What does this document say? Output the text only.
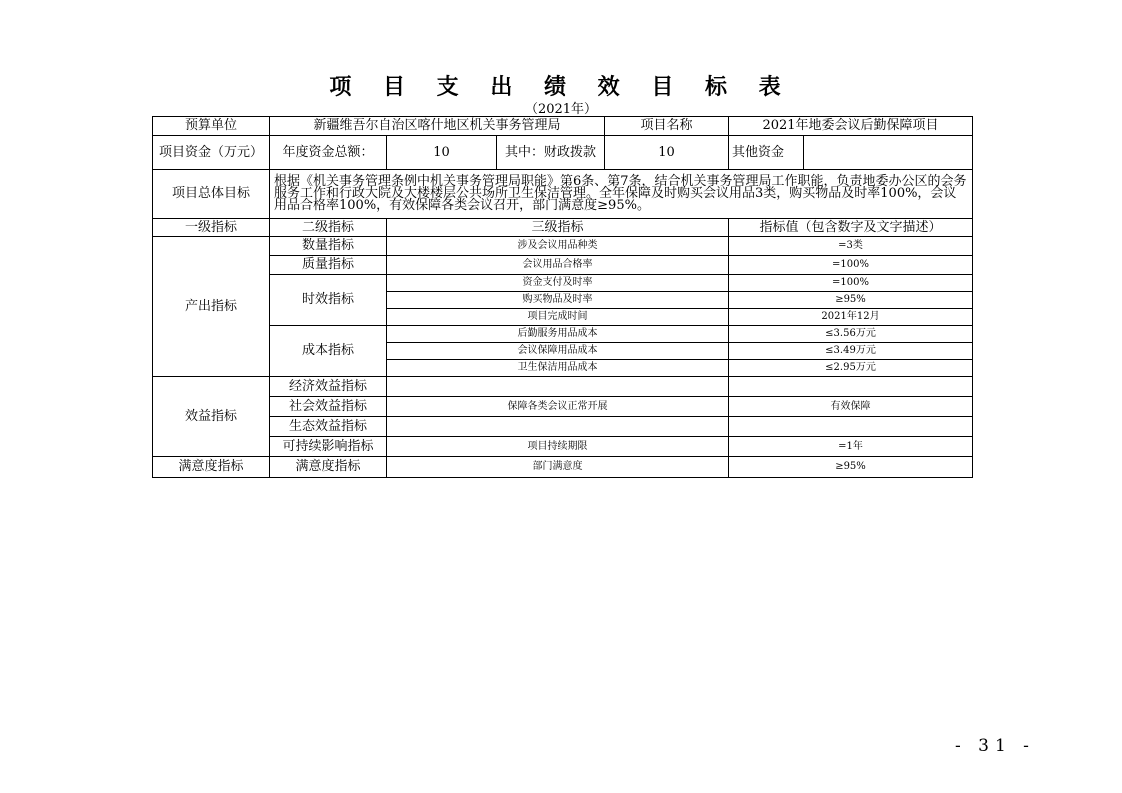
项 目 支 出 绩 效 目 标 表
（2021年）
预算单位	新疆维吾尔自治区喀什地区机关事务管理局			项目名称	2021年地委会议后勤保障项目	
项目资金（万元）	年度资金总额：	10	其中：财政拨款	10	其他资金	
项目总体目标	根据《机关事务管理条例中机关事务管理局职能》第6条、第7条，结合机关事务管理局工作职能，负责地委办公区的会务服务工作和行政大院及大楼楼层公共场所卫生保洁管理。全年保障及时购买会议用品3类，购买物品及时率100%，会议用品合格率100%，有效保障各类会议召开，部门满意度≥95%。					
一级指标	二级指标	三级指标			指标值（包含数字及文字描述）	
产出指标	数量指标	涉及会议用品种类			=3类	
	质量指标	会议用品合格率			=100%	
	时效指标	资金支付及时率			=100%	
		购买物品及时率			≥95%	
		项目完成时间			2021年12月	
	成本指标	后勤服务用品成本			≤3.56万元	
		会议保障用品成本			≤3.49万元	
		卫生保洁用品成本			≤2.95万元	
效益指标	经济效益指标					
	社会效益指标	保障各类会议正常开展			有效保障	
	生态效益指标					
	可持续影响指标	项目持续期限			=1年	
满意度指标	满意度指标	部门满意度			≥95%	
- 31 -
